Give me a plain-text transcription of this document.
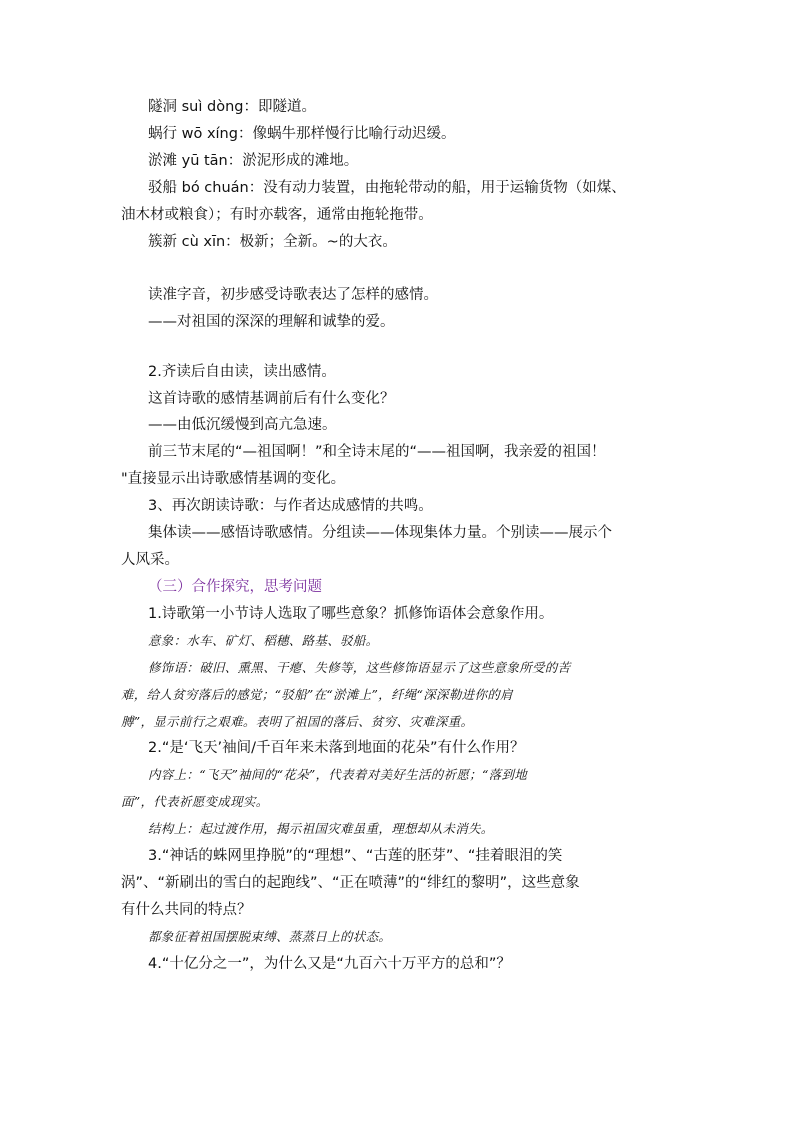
隧洞 suì dòng：即隧道。
蜗行 wō xíng：像蜗牛那样慢行比喻行动迟缓。
淤滩 yū tān：淤泥形成的滩地。
驳船 bó chuán：没有动力装置，由拖轮带动的船，用于运输货物（如煤、
油木材或粮食）；有时亦载客，通常由拖轮拖带。
簇新 cù xīn：极新；全新。~的大衣。
读准字音，初步感受诗歌表达了怎样的感情。
——对祖国的深深的理解和诚挚的爱。
2.齐读后自由读，读出感情。
这首诗歌的感情基调前后有什么变化？
——由低沉缓慢到高亢急速。
前三节末尾的“—祖国啊！”和全诗末尾的“——祖国啊，我亲爱的祖国！
"直接显示出诗歌感情基调的变化。
3、再次朗读诗歌：与作者达成感情的共鸣。
集体读——感悟诗歌感情。分组读——体现集体力量。个别读——展示个
人风采。
（三）合作探究，思考问题
1.诗歌第一小节诗人选取了哪些意象？抓修饰语体会意象作用。
意象：水车、矿灯、稻穗、路基、驳船。
修饰语：破旧、熏黑、干瘪、失修等，这些修饰语显示了这些意象所受的苦
难，给人贫穷落后的感觉；“驳船”在“淤滩上”，纤绳“深深勒进你的肩
膊”，显示前行之艰难。表明了祖国的落后、贫穷、灾难深重。
2.“是‘飞天’袖间/千百年来未落到地面的花朵”有什么作用？
内容上：“飞天”袖间的“花朵”，代表着对美好生活的祈愿；“落到地
面”，代表祈愿变成现实。
结构上：起过渡作用，揭示祖国灾难虽重，理想却从未消失。
3.“神话的蛛网里挣脱”的“理想”、“古莲的胚芽”、“挂着眼泪的笑
涡”、“新刷出的雪白的起跑线”、“正在喷薄”的“绯红的黎明”，这些意象
有什么共同的特点？
都象征着祖国摆脱束缚、蒸蒸日上的状态。
4.“十亿分之一”，为什么又是“九百六十万平方的总和”？
